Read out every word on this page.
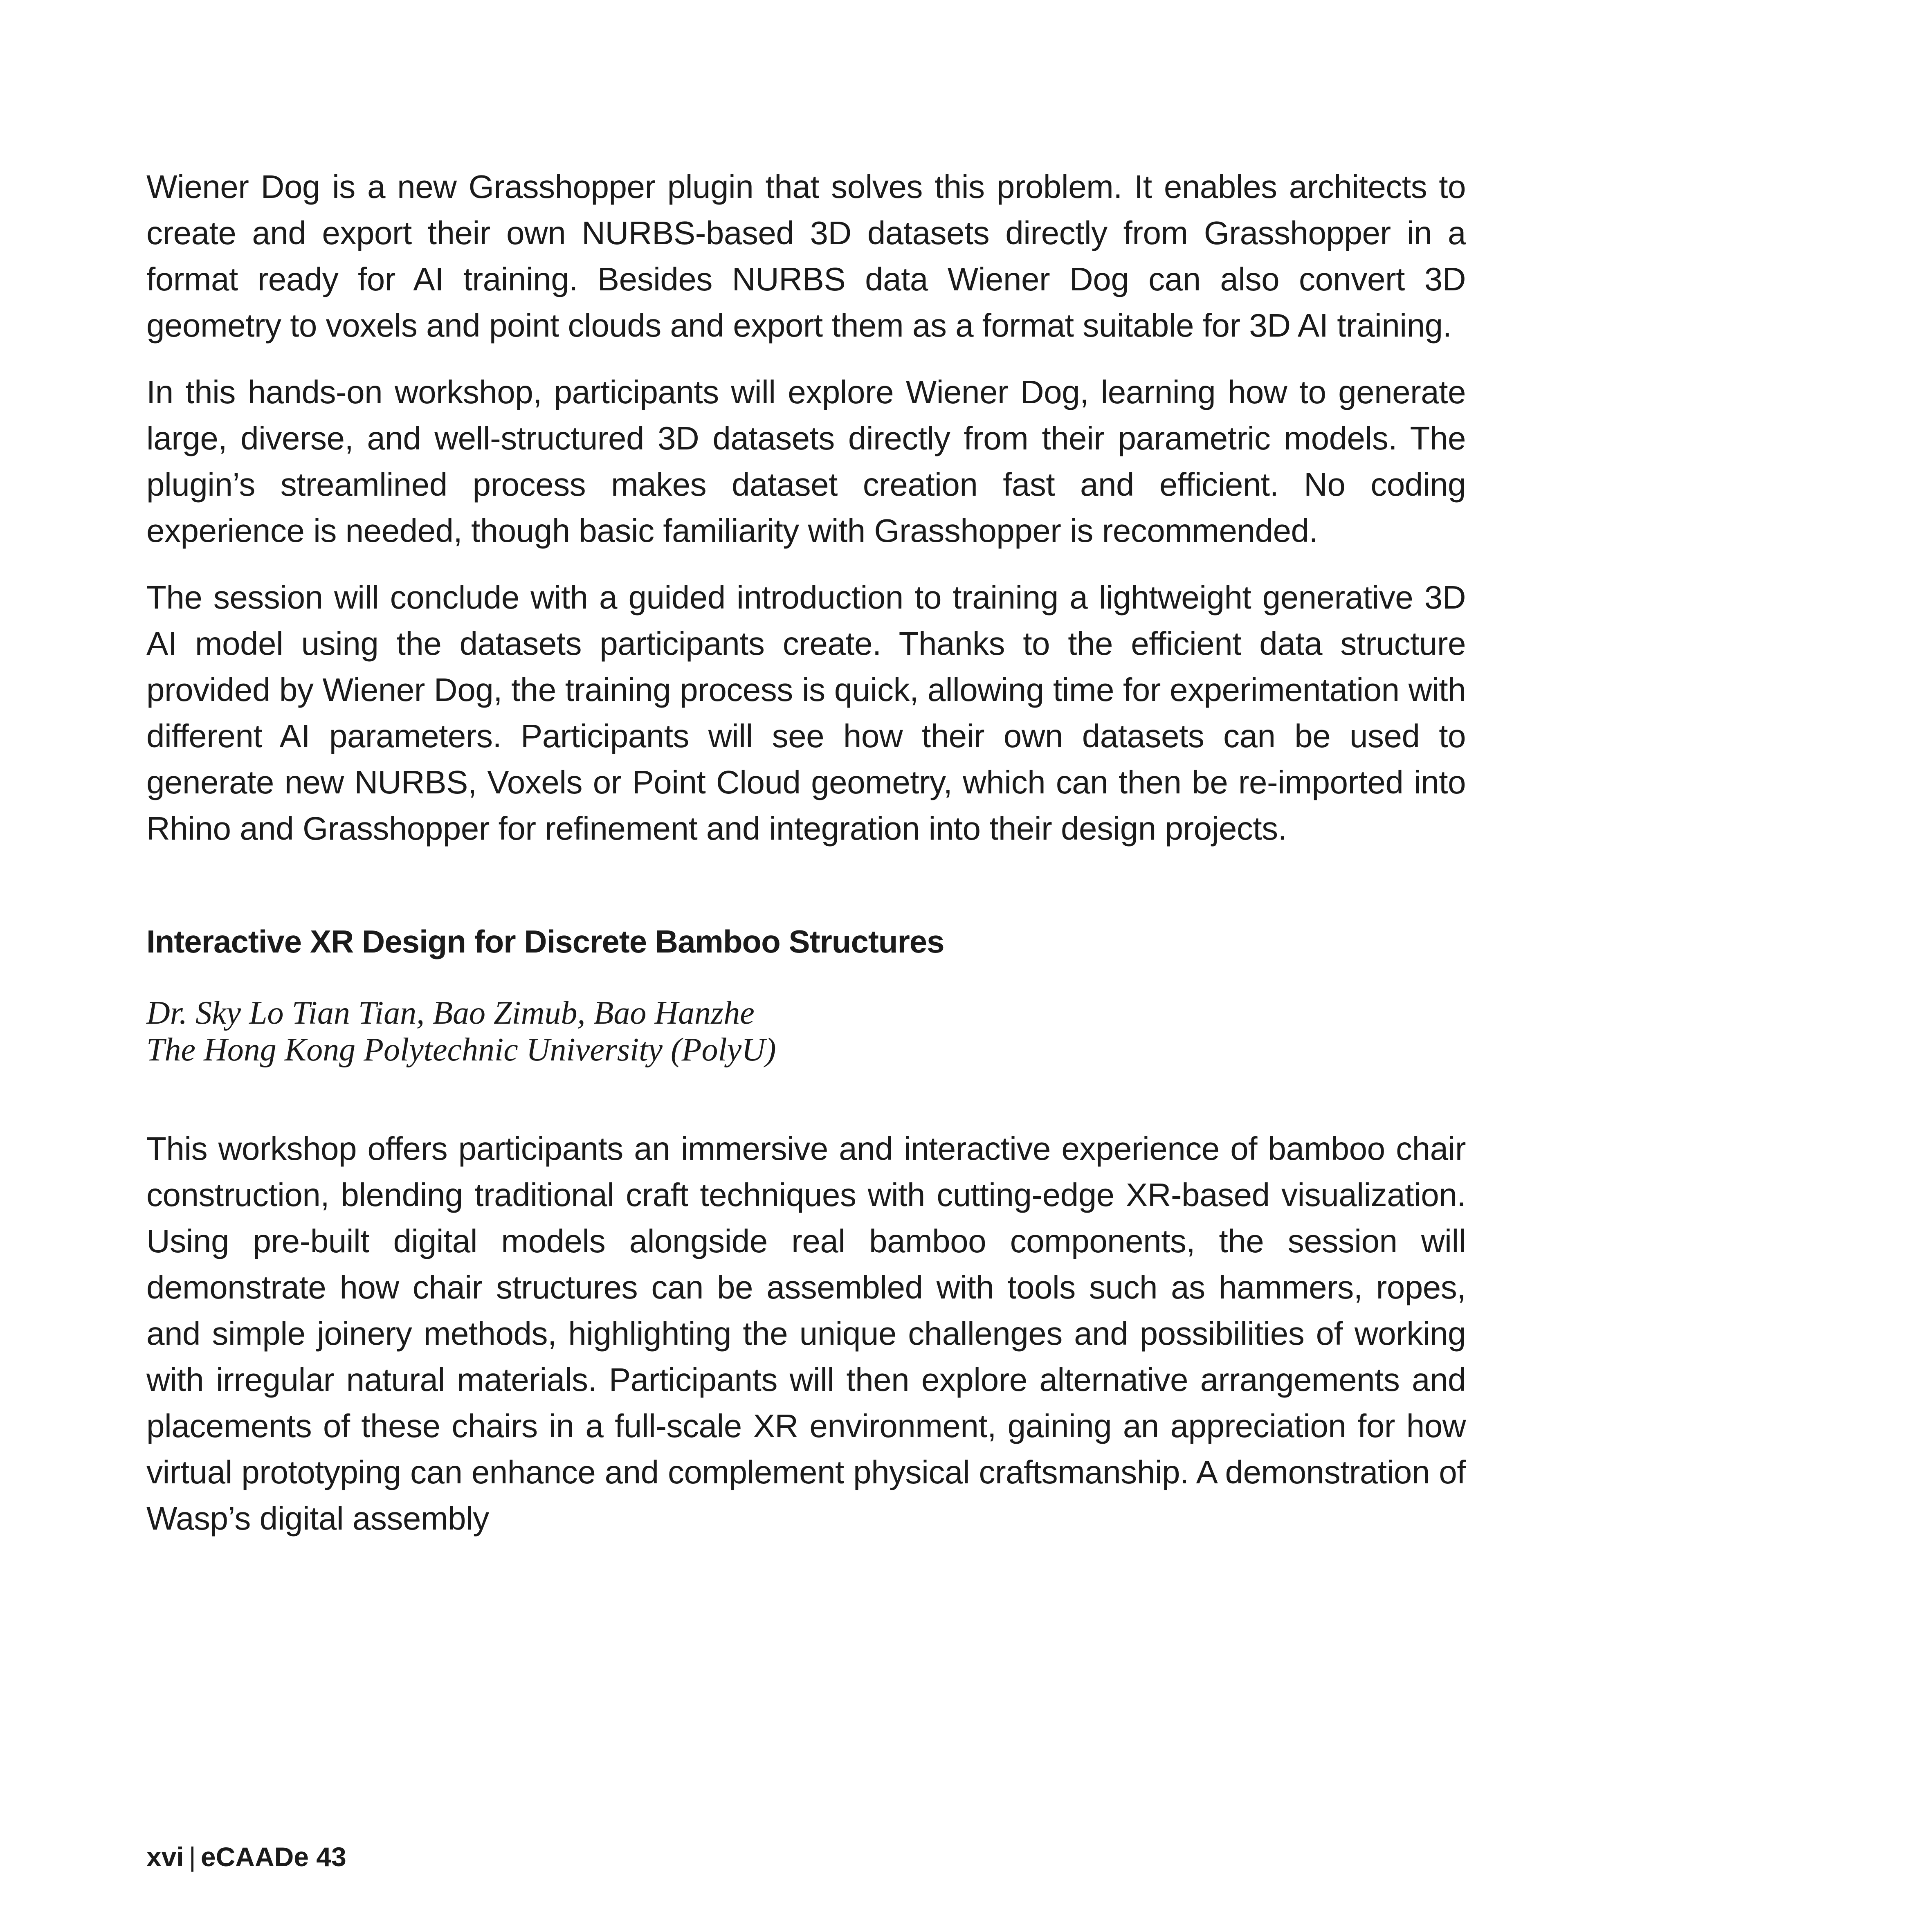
Wiener Dog is a new Grasshopper plugin that solves this problem. It enables architects to create and export their own NURBS-based 3D datasets directly from Grasshopper in a format ready for AI training. Besides NURBS data Wiener Dog can also convert 3D geometry to voxels and point clouds and export them as a format suitable for 3D AI training.

In this hands-on workshop, participants will explore Wiener Dog, learning how to generate large, diverse, and well-structured 3D datasets directly from their parametric models. The plugin’s streamlined process makes dataset creation fast and efficient. No coding experience is needed, though basic familiarity with Grasshopper is recommended.

The session will conclude with a guided introduction to training a lightweight generative 3D AI model using the datasets participants create. Thanks to the efficient data structure provided by Wiener Dog, the training process is quick, allowing time for experimentation with different AI parameters. Participants will see how their own datasets can be used to generate new NURBS, Voxels or Point Cloud geometry, which can then be re-imported into Rhino and Grasshopper for refinement and integration into their design projects.

Interactive XR Design for Discrete Bamboo Structures
Dr. Sky Lo Tian Tian, Bao Zimub, Bao Hanzhe
The Hong Kong Polytechnic University (PolyU)

This workshop offers participants an immersive and interactive experience of bamboo chair construction, blending traditional craft techniques with cutting-edge XR-based visualization. Using pre-built digital models alongside real bamboo components, the session will demonstrate how chair structures can be assembled with tools such as hammers, ropes, and simple joinery methods, highlighting the unique challenges and possibilities of working with irregular natural materials. Participants will then explore alternative arrangements and placements of these chairs in a full-scale XR environment, gaining an appreciation for how virtual prototyping can enhance and complement physical craftsmanship. A demonstration of Wasp’s digital assembly

xvi | eCAADe 43
